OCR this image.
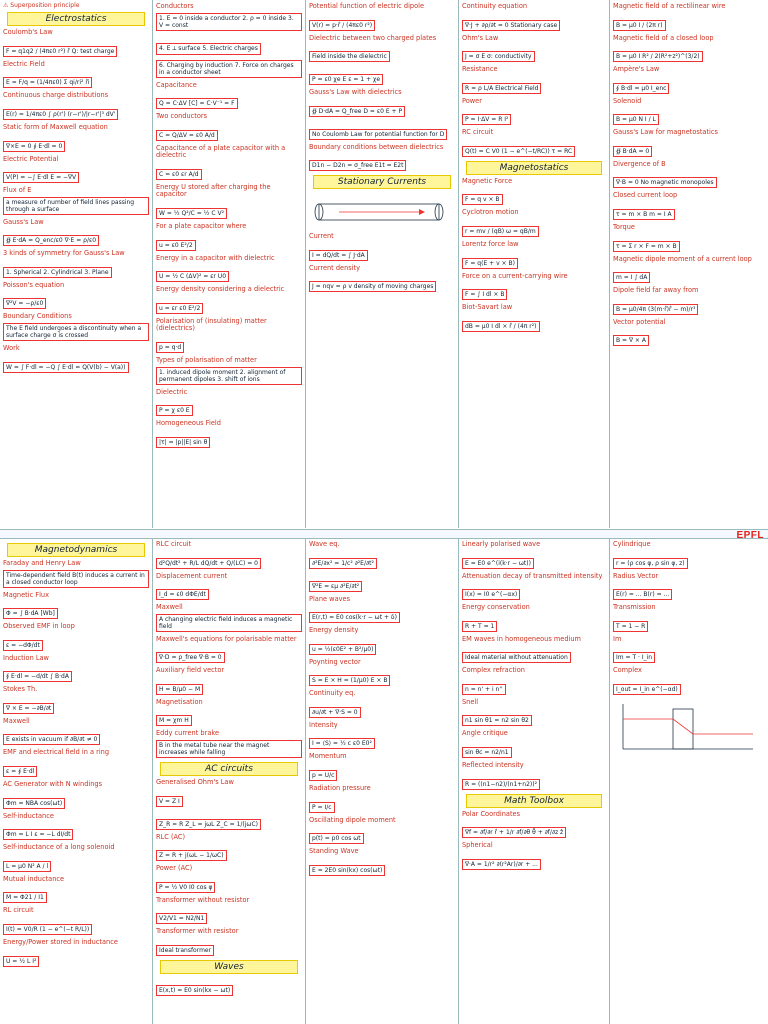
⚠ Superposition principle
Electrostatics
Coulomb's Law
F = q1q2 / (4πε0 r²) r̂ Q: test charge
Electric Field
E = F/q = (1/4πε0) Σ qi/ri² r̂i
Continuous charge distributions
E(r) = 1/4πε0 ∫ ρ(r') (r−r')/|r−r'|³ dV'
Static form of Maxwell equation
∇×E = 0 ∮ E·dl = 0
Electric Potential
V(P) = −∫ E·dl E = −∇V
Flux of E
a measure of number of field lines passing through a surface
Gauss's Law
∯ E·dA = Q_enc/ε0 ∇·E = ρ/ε0
3 kinds of symmetry for Gauss's Law
1. Spherical 2. Cylindrical 3. Plane
Poisson's equation
∇²V = −ρ/ε0
Boundary Conditions
The E field undergoes a discontinuity when a surface charge σ is crossed
Work
W = ∫ F·dl = −Q ∫ E·dl = Q(V(b) − V(a))
Conductors
1. E = 0 inside a conductor 2. ρ = 0 inside 3. V = const
4. E ⟂ surface 5. Electric charges
6. Charging by induction 7. Force on charges in a conductor sheet
Capacitance
Q = C·ΔV [C] = C·V⁻¹ = F
Two conductors
C = Q/ΔV = ε0 A/d
Capacitance of a plate capacitor with a dielectric
C = ε0 εr A/d
Energy U stored after charging the capacitor
W = ½ Q²/C = ½ C V²
For a plate capacitor where
u = ε0 E²/2
Energy in a capacitor with dielectric
U = ½ C (ΔV)² = εr U0
Energy density considering a dielectric
u = εr ε0 E²/2
Polarisation of (insulating) matter (dielectrics)
p = q·d
Types of polarisation of matter
1. induced dipole moment 2. alignment of permanent dipoles 3. shift of ions
Dielectric
P = χ ε0 E
Homogeneous Field
|τ| = |p||E| sin θ
Potential function of electric dipole
V(r) = p·r̂ / (4πε0 r²)
Dielectric between two charged plates
Field inside the dielectric
P = ε0 χe E ε = 1 + χe
Gauss's Law with dielectrics
∯ D·dA = Q_free D = ε0 E + P
No Coulomb Law for potential function for D
Boundary conditions between dielectrics
D1n − D2n = σ_free E1t = E2t
Stationary Currents
Current
I = dQ/dt = ∫ J·dA
Current density
J = nqv = ρ v density of moving charges
Continuity equation
∇·J + ∂ρ/∂t = 0 Stationary case
Ohm's Law
J = σ E σ: conductivity
Resistance
R = ρ L/A Electrical Field
Power
P = I·ΔV = R I²
RC circuit
Q(t) = C V0 (1 − e^(−t/RC)) τ = RC
Magnetostatics
Magnetic Force
F = q v × B
Cyclotron motion
r = mv / (qB) ω = qB/m
Lorentz force law
F = q(E + v × B)
Force on a current-carrying wire
F = ∫ I dl × B
Biot-Savart law
dB = μ0 I dl × r̂ / (4π r²)
Magnetic field of a rectilinear wire
B = μ0 I / (2π r)
Magnetic field of a closed loop
B = μ0 I R² / 2(R²+z²)^(3/2)
Ampère's Law
∮ B·dl = μ0 I_enc
Solenoid
B = μ0 N I / L
Gauss's Law for magnetostatics
∯ B·dA = 0
Divergence of B
∇·B = 0 No magnetic monopoles
Closed current loop
τ = m × B m = I A
Torque
τ = Σ r × F = m × B
Magnetic dipole moment of a current loop
m = I ∫ dA
Dipole field far away from
B = μ0/4π (3(m·r̂)r̂ − m)/r³
Vector potential
B = ∇ × A
EPFL
Magnetodynamics
Faraday and Henry Law
Time-dependent field B(t) induces a current in a closed conductor loop
Magnetic Flux
Φ = ∫ B·dA [Wb]
Observed EMF in loop
ε = −dΦ/dt
Induction Law
∮ E·dl = −d/dt ∫ B·dA
Stokes Th.
∇ × E = −∂B/∂t
Maxwell
E exists in vacuum if ∂B/∂t ≠ 0
EMF and electrical field in a ring
ε = ∮ E·dl
AC Generator with N windings
Φm = NBA cos(ωt)
Self-inductance
Φm = L I ε = −L dI/dt
Self-inductance of a long solenoid
L = μ0 N² A / l
Mutual inductance
M = Φ21 / I1
RL circuit
I(t) = V0/R (1 − e^(−t R/L))
Energy/Power stored in inductance
U = ½ L I²
RLC circuit
d²Q/dt² + R/L dQ/dt + Q/(LC) = 0
Displacement current
I_d = ε0 dΦE/dt
Maxwell
A changing electric field induces a magnetic field
Maxwell's equations for polarisable matter
∇·D = ρ_free ∇·B = 0
Auxiliary field vector
H = B/μ0 − M
Magnetisation
M = χm H
Eddy current brake
B in the metal tube near the magnet increases while falling
AC circuits
Generalised Ohm's Law
V = Z I
Z_R = R Z_L = jωL Z_C = 1/(jωC)
RLC (AC)
Z = R + j(ωL − 1/ωC)
Power (AC)
P = ½ V0 I0 cos φ
Transformer without resistor
V2/V1 = N2/N1
Transformer with resistor
Ideal transformer
Waves
E(x,t) = E0 sin(kx − ωt)
Wave eq.
∂²E/∂x² = 1/c² ∂²E/∂t²
∇²E = εμ ∂²E/∂t²
Plane waves
E(r,t) = E0 cos(k·r − ωt + δ)
Energy density
u = ½(ε0E² + B²/μ0)
Poynting vector
S = E × H = (1/μ0) E × B
Continuity eq.
∂u/∂t + ∇·S = 0
Intensity
I = ⟨S⟩ = ½ c ε0 E0²
Momentum
p = U/c
Radiation pressure
P = I/c
Oscillating dipole moment
p(t) = p0 cos ωt
Standing Wave
E = 2E0 sin(kx) cos(ωt)
Linearly polarised wave
E = E0 e^(i(k·r − ωt))
Attenuation decay of transmitted intensity
I(x) = I0 e^(−αx)
Energy conservation
R + T = 1
EM waves in homogeneous medium
Ideal material without attenuation
Complex refraction
n = n' + i n''
Snell
n1 sin θ1 = n2 sin θ2
Angle critique
sin θc = n2/n1
Reflected intensity
R = ((n1−n2)/(n1+n2))²
Math Toolbox
Polar Coordinates
∇f = ∂f/∂r r̂ + 1/r ∂f/∂θ θ̂ + ∂f/∂z ẑ
Spherical
∇·A = 1/r² ∂(r²Ar)/∂r + ...
Cylindrique
r = (ρ cos φ, ρ sin φ, z)
Radius Vector
E(r) = ... B(r) = ...
Transmission
T = 1 − R
Im
Im = T · I_in
Complex
I_out = I_in e^(−αd)
